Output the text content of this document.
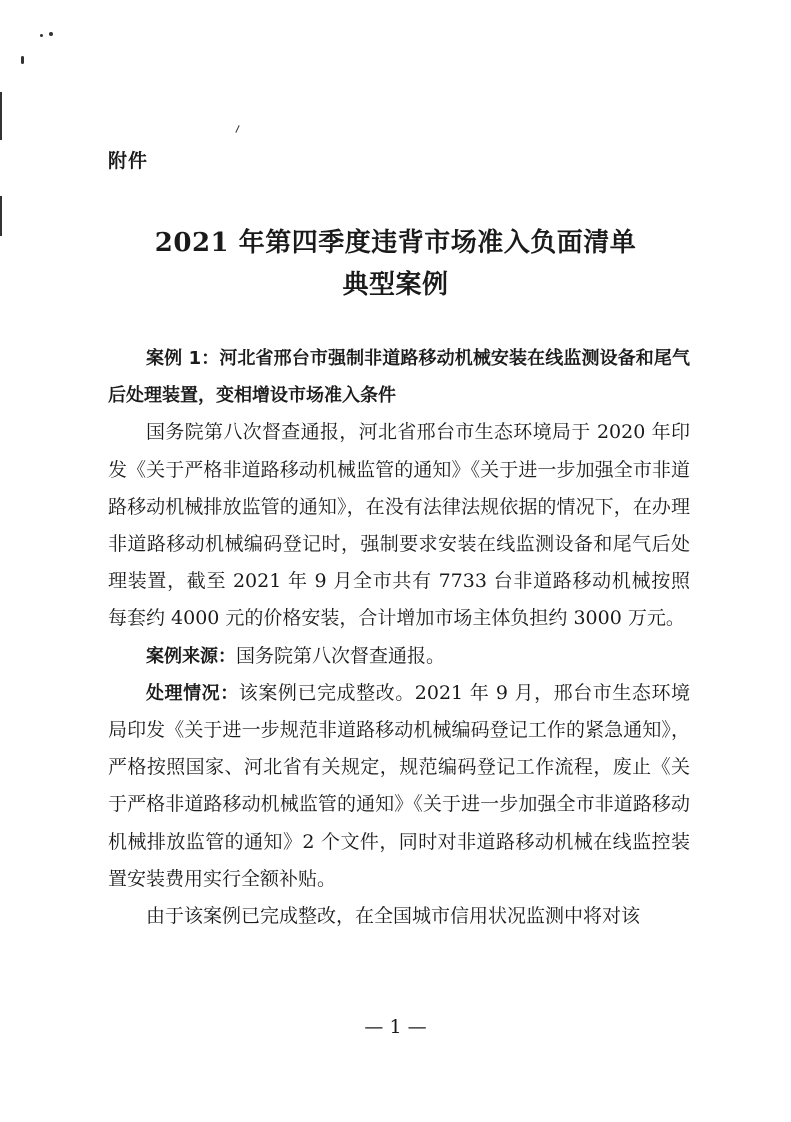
附件
2021 年第四季度违背市场准入负面清单
典型案例

案例 1：河北省邢台市强制非道路移动机械安装在线监测设备和尾气后处理装置，变相增设市场准入条件

国务院第八次督查通报，河北省邢台市生态环境局于 2020 年印发《关于严格非道路移动机械监管的通知》《关于进一步加强全市非道路移动机械排放监管的通知》，在没有法律法规依据的情况下，在办理非道路移动机械编码登记时，强制要求安装在线监测设备和尾气后处理装置，截至 2021 年 9 月全市共有 7733 台非道路移动机械按照每套约 4000 元的价格安装，合计增加市场主体负担约 3000 万元。

案例来源：国务院第八次督查通报。

处理情况：该案例已完成整改。2021 年 9 月，邢台市生态环境局印发《关于进一步规范非道路移动机械编码登记工作的紧急通知》，严格按照国家、河北省有关规定，规范编码登记工作流程，废止《关于严格非道路移动机械监管的通知》《关于进一步加强全市非道路移动机械排放监管的通知》2 个文件，同时对非道路移动机械在线监控装置安装费用实行全额补贴。

由于该案例已完成整改，在全国城市信用状况监测中将对该

— 1 —
